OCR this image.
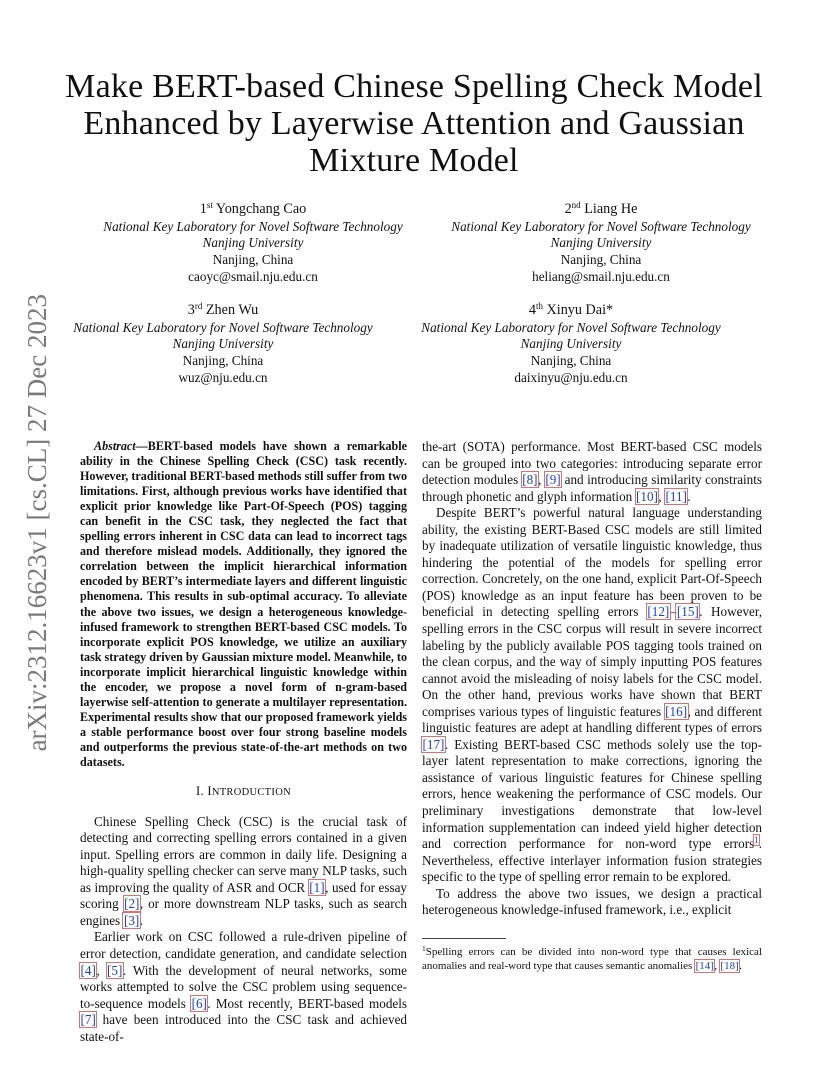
Make BERT-based Chinese Spelling Check Model
Enhanced by Layerwise Attention and Gaussian
Mixture Model
1st Yongchang Cao
National Key Laboratory for Novel Software Technology
Nanjing University
Nanjing, China
caoyc@smail.nju.edu.cn
2nd Liang He
National Key Laboratory for Novel Software Technology
Nanjing University
Nanjing, China
heliang@smail.nju.edu.cn
3rd Zhen Wu
National Key Laboratory for Novel Software Technology
Nanjing University
Nanjing, China
wuz@nju.edu.cn
4th Xinyu Dai*
National Key Laboratory for Novel Software Technology
Nanjing University
Nanjing, China
daixinyu@nju.edu.cn
arXiv:2312.16623v1 [cs.CL] 27 Dec 2023	Abstract—BERT-based models have shown a remarkable ability in the Chinese Spelling Check (CSC) task recently. However, traditional BERT-based methods still suffer from two limitations. First, although previous works have identified that explicit prior knowledge like Part-Of-Speech (POS) tagging can benefit in the CSC task, they neglected the fact that spelling errors inherent in CSC data can lead to incorrect tags and therefore mislead models. Additionally, they ignored the correlation between the implicit hierarchical information encoded by BERT’s intermediate layers and different linguistic phenomena. This results in sub-optimal accuracy. To alleviate the above two issues, we design a heterogeneous knowledge-infused framework to strengthen BERT-based CSC models. To incorporate explicit POS knowledge, we utilize an auxiliary task strategy driven by Gaussian mixture model. Meanwhile, to incorporate implicit hierarchical linguistic knowledge within the encoder, we propose a novel form of n-gram-based layerwise self-attention to generate a multilayer representation. Experimental results show that our proposed framework yields a stable performance boost over four strong baseline models and outperforms the previous state-of-the-art methods on two datasets.

I. INTRODUCTION

Chinese Spelling Check (CSC) is the crucial task of detecting and correcting spelling errors contained in a given input. Spelling errors are common in daily life. Designing a high-quality spelling checker can serve many NLP tasks, such as improving the quality of ASR and OCR [1], used for essay scoring [2], or more downstream NLP tasks, such as search engines [3].

Earlier work on CSC followed a rule-driven pipeline of error detection, candidate generation, and candidate selection [4], [5]. With the development of neural networks, some works attempted to solve the CSC problem using sequence-to-sequence models [6]. Most recently, BERT-based models [7] have been introduced into the CSC task and achieved state-of-

the-art (SOTA) performance. Most BERT-based CSC models can be grouped into two categories: introducing separate error detection modules [8], [9] and introducing similarity constraints through phonetic and glyph information [10], [11].

Despite BERT’s powerful natural language understanding ability, the existing BERT-Based CSC models are still limited by inadequate utilization of versatile linguistic knowledge, thus hindering the potential of the models for spelling error correction. Concretely, on the one hand, explicit Part-Of-Speech (POS) knowledge as an input feature has been proven to be beneficial in detecting spelling errors [12]–[15]. However, spelling errors in the CSC corpus will result in severe incorrect labeling by the publicly available POS tagging tools trained on the clean corpus, and the way of simply inputting POS features cannot avoid the misleading of noisy labels for the CSC model. On the other hand, previous works have shown that BERT comprises various types of linguistic features [16], and different linguistic features are adept at handling different types of errors [17]. Existing BERT-based CSC methods solely use the top-layer latent representation to make corrections, ignoring the assistance of various linguistic features for Chinese spelling errors, hence weakening the performance of CSC models. Our preliminary investigations demonstrate that low-level information supplementation can indeed yield higher detection and correction performance for non-word type errors$^1$. Nevertheless, effective interlayer information fusion strategies specific to the type of spelling error remain to be explored.

To address the above two issues, we design a practical heterogeneous knowledge-infused framework, i.e., explicit

$^1$Spelling errors can be divided into non-word type that causes lexical anomalies and real-word type that causes semantic anomalies [14], [18].
